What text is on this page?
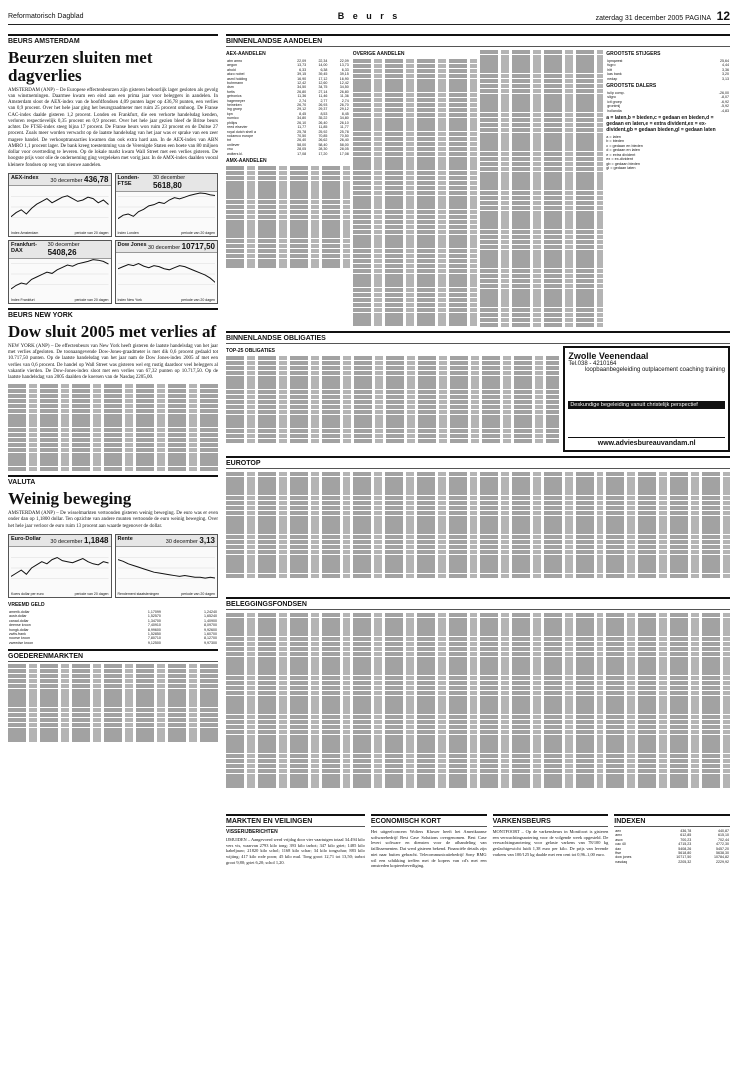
Reformatorisch Dagblad	B e u r s	zaterdag 31 december 2005 PAGINA 12
BEURS AMSTERDAM
Beurzen sluiten met dagverlies

AMSTERDAM (ANP) – De Europese effectenbeurzen zijn gisteren behoorlijk lager gesloten als gevolg van winstnemingen. Daarmee kwam een eind aan een prima jaar voor beleggers in aandelen. In Amsterdam sloot de AEX-index van de hoofdfondsen 4,09 punten lager op 436,78 punten, een verlies van 0,9 procent. Over het hele jaar ging het beursgraadmeter met ruim 25 procent omhoog. De Franse CAC-index daalde gisteren 1,2 procent. Londen en Frankfurt, die een verkorte handelsdag kenden, verloren respectievelijk 0,35 procent en 0,9 procent. Over het hele jaar gezien bleef de Britse beurs achter. De FTSE-index steeg bijna 17 procent. De Franse beurs won ruim 23 procent en de Duitse 27 procent. Zoals meer worden verwacht op de laatste handelsdag van het jaar was er sprake van een zeer magere handel. De verkooptransacties kwamen dan ook extra hard aan. In de AEX-index van ABN AMRO 1,1 procent lager. De bank kreeg toestemming van de Verenigde Staten een boete van 80 miljoen dollar voor overtreding te leveren. Op de lokale markt kwam Wall Street met een verlies gisteren. De hoogste prijs voor olie de onderneming ging vergeleken met vorig jaar. In de AMX-index daalden vooral kleinere fondsen op weg van nieuwe aandelen.

AEX-index 30 december 436,78
Index Amsterdam	periode van 20 dagen
Londen-FTSE
30 december 5618,80
Index Londen	periode van 20 dagen
Frankfurt-DAX
30 december 5408,26
Index Frankfurt	periode van 20 dagen
Dow Jones 30 december 10717,50
Index New York	periode van 20 dagen
BEURS NEW YORK
Dow sluit 2005 met verlies af

NEW YORK (ANP) – De effectenbeurs van New York heeft gisteren de laatste handelsdag van het jaar met verlies afgesloten. De toonaangevende Dow-Jones-graadmeter is met dik 0,6 procent gedaald tot 10.717,50 punten. Op de laatste handelsdag van het jaar nam de Dow Jones-index 2005 af met een verlies van 0,6 procent. De handel op Wall Street was gisteren wel erg rustig daardoor veel beleggers al vakantie vierden. De Dow-Jones-index sloot met een verlies van 67,32 punten op 10.717,50. Op de laatste handelsdag van 2005 daalden de koersen van de Nasdaq 2205,00.

VALUTA
Weinig beweging

AMSTERDAM (ANP) – De wisselmarkten vertoonden gisteren weinig beweging. De euro was er even onder dan op 1,1800 dollar. Ten opzichte van andere munten vertoonde de euro weinig beweging. Over het hele jaar verloor de euro ruim 13 procent aan waarde tegenover de dollar.

Euro-Dollar 30 december 1,1848
Koers dollar per euro	periode van 20 dagen
Rente	30 december 3,13
Rendement staatsleningen	periode van 20 dagen
VREEMD GELD
amerik.dollar	1,17099	1,24240
austr.dollar	1,52570	1,65240
canad.dollar	1,34700	1,40900
deense kroon	7,40910	8,09700
hongk.dollar	8,99600	9,92600
zwits.frank	1,52850	1,60700
noorse kroon	7,80710	8,12700
zweedse kroon	9,12500	9,97300
GOEDERENMARKTEN
BINNENLANDSE AANDELEN
AEX-AANDELEN
abn amro	22,09	22,34	22,09
aegon	13,73	14,00	13,73
ahold	6,33	6,38	6,33
akzo nobel	39,15	39,45	39,15
asml holding	16,90	17,12	16,90
buhrmann	12,42	12,60	12,42
dsm	34,50	34,75	34,50
fortis	26,80	27,14	26,80
getronics	11,36	11,46	11,36
hagemeyer	2,74	2,77	2,74
heineken	26,70	26,93	26,70
ing groep	29,12	29,37	29,12
kpn	8,45	8,53	8,45
numico	34,80	35,22	34,80
philips	26,10	26,40	26,10
reed elsevier	11,77	11,85	11,77
royal dutch shell a	25,78	25,92	25,78
rodamco europe	70,50	70,85	70,50
tnt	26,40	26,62	26,40
unilever	58,00	58,40	58,00
vnu	28,05	28,30	28,05
wolters kl.	17,08	17,20	17,08
AMX-AANDELEN
OVERIGE AANDELEN	GROOTSTE STIJGERS
kpnqwest	25,64
fugro	4,44
hitt	3,36
kas bank	3,20
nedap	3,13
GROOTSTE DALERS
tulip comp.	-26,00
sligro	-8,07
ictl groep	-6,92
grontmij	-5,92
hollandia	-4,83
a = laten,b = bieden,c = gedaan en bieden,d = gedaan en laten,e = extra divident,ex = ex-divident,gb = gedaan bieden,gl = gedaan laten
a = laten
b = bieden
c = gedaan en bieden
d = gedaan en laten
e = extra divident
ex = ex-divident
gb = gedaan bieden
gl = gedaan laten
BINNENLANDSE OBLIGATIES
TOP-25 OBLIGATIES	Zwolle Veenendaal
Tel.038 - 4210164
loopbaanbegeleiding outplacement coaching training
Deskundige begeleiding vanuit christelijk perspectief
www.adviesbureauvandam.nl
EUROTOP
BELEGGINGSFONDSEN
MARKTEN EN VEILINGEN
VISSERIJBERICHTEN

IJMUIDEN – Aangevoerd werd vrijdag door vier vaartuigen totaal 34.494 kilo vers vis, waarvan 2793 kilo tong; 393 kilo tarbot; 347 kilo griet; 1485 kilo kabeljauw; 21820 kilo schol; 1168 kilo schar; 34 kilo tongschar; 883 kilo wijting; 417 kilo rode poon; 45 kilo mul. Tong groot 12,71 tot 13,50; tarbot groot 9,80; griet 6,20; schol 1,20.

ECONOMISCH KORT

Het uitgeefconcern Wolters Kluwer heeft het Amerikaanse softwarebedrijf Best Case Solutions overgenomen. Best Case levert software en diensten voor de afhandeling van faillissementen. Dat werd gisteren bekend. Financiële details zijn niet naar buiten gebracht. Telecommunicatiebedrijf Sony BMG wil een schikking treffen met de kopers van cd's met een omstreden kopieerbeveiliging.

VARKENSBEURS

MONTFOORT – Op de varkensbeurs in Montfoort is gisteren een verwachtingsnotering voor de volgende week opgesteld. De verwachtingsnotering voor gelaste varkens van 78/100 kg geslachtgewicht luidt 1,38 euro per kilo. De prijs van levende varkens van 100/125 kg daalde met een cent tot 0,96–1,00 euro.

INDEXEN
aex	436,78	440,87
amx	612,85	615,10
ascx	700,23	702,44
cac 40	4715,23	4772,30
dax	5408,26	5457,20
ftse	5618,80	5638,30
dow jones	10717,50	10784,82
nasdaq	2205,32	2229,92
